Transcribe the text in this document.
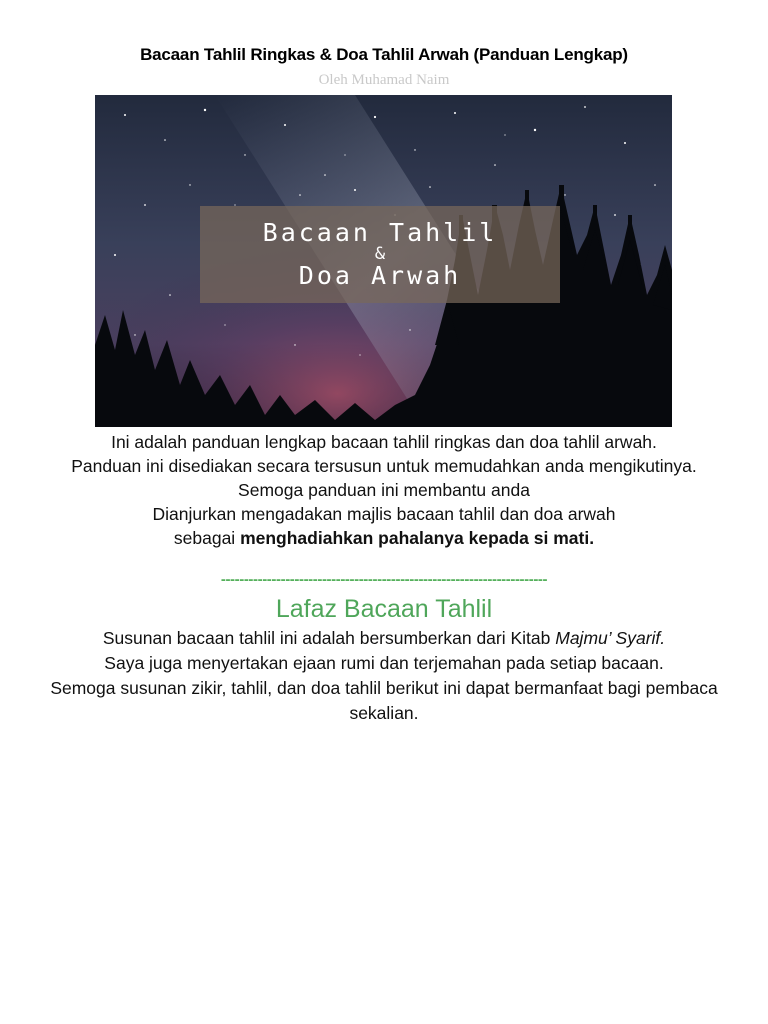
Bacaan Tahlil Ringkas & Doa Tahlil Arwah (Panduan Lengkap)
Oleh Muhamad Naim
Bacaan Tahlil
&
Doa Arwah

Ini adalah panduan lengkap bacaan tahlil ringkas dan doa tahlil arwah.

Panduan ini disediakan secara tersusun untuk memudahkan anda mengikutinya.

Semoga panduan ini membantu anda

Dianjurkan mengadakan majlis bacaan tahlil dan doa arwah

sebagai menghadiahkan pahalanya kepada si mati.

-----------------------------------------------------------------------
Lafaz Bacaan Tahlil

Susunan bacaan tahlil ini adalah bersumberkan dari Kitab Majmu’ Syarif.

Saya juga menyertakan ejaan rumi dan terjemahan pada setiap bacaan.

Semoga susunan zikir, tahlil, dan doa tahlil berikut ini dapat bermanfaat bagi pembaca sekalian.
